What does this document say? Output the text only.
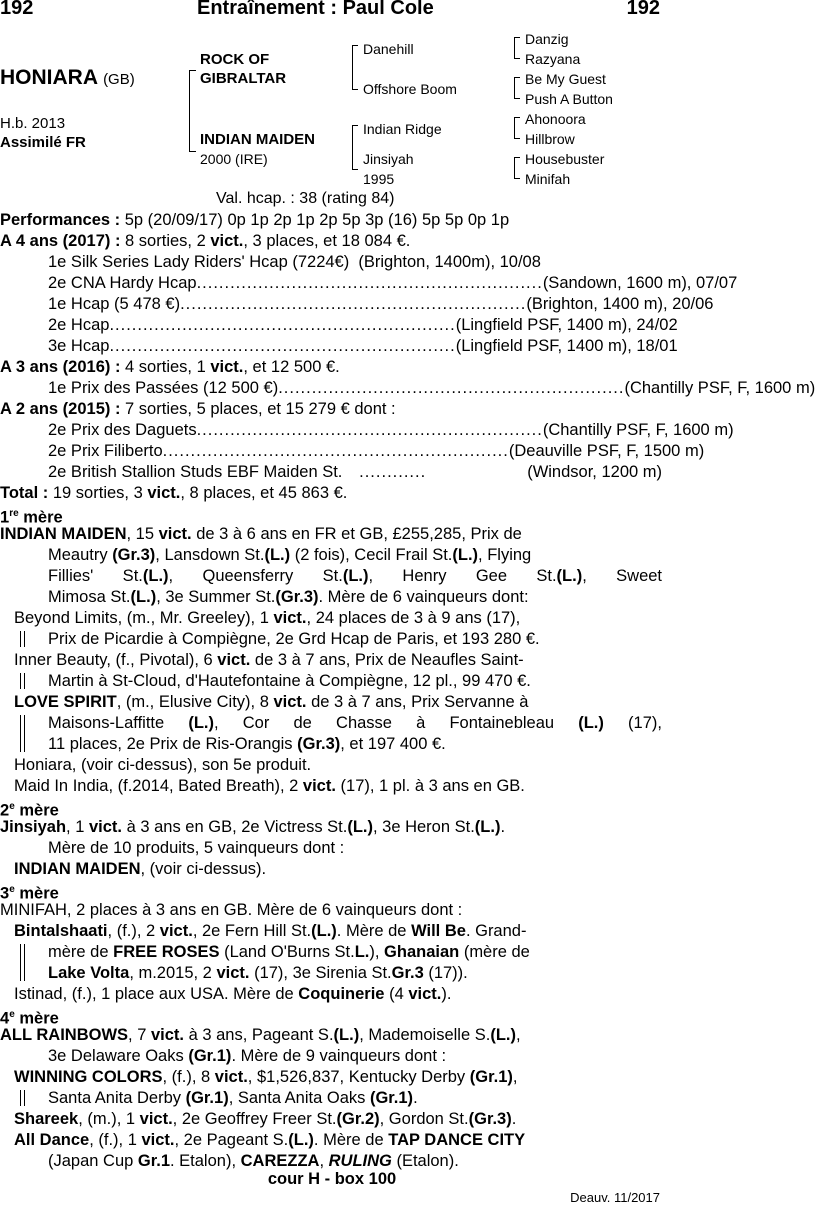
192	Entraînement : Paul Cole	192
HONIARA (GB)
H.b. 2013
Assimilé FR
ROCK OF
GIBRALTAR
INDIAN MAIDEN
2000 (IRE)
Danehill
Offshore Boom
Indian Ridge
Jinsiyah
1995
Danzig
Razyana
Be My Guest
Push A Button
Ahonoora
Hillbrow
Housebuster
Minifah
Val. hcap. : 38 (rating 84)
Performances : 5p (20/09/17) 0p 1p 2p 1p 2p 5p 3p (16) 5p 5p 0p 1p
A 4 ans (2017) : 8 sorties, 2 vict., 3 places, et 18 084 €.
1e Silk Series Lady Riders' Hcap (7224€) (Brighton, 1400m), 10/08
2e CNA Hardy Hcap .............................................................. (Sandown, 1600 m), 07/07
1e Hcap (5 478 €) .............................................................. (Brighton, 1400 m), 20/06
2e Hcap .............................................................. (Lingfield PSF, 1400 m), 24/02
3e Hcap .............................................................. (Lingfield PSF, 1400 m), 18/01
A 3 ans (2016) : 4 sorties, 1 vict., et 12 500 €.
1e Prix des Passées (12 500 €) .............................................................. (Chantilly PSF, F, 1600 m)
A 2 ans (2015) : 7 sorties, 5 places, et 15 279 € dont :
2e Prix des Daguets .............................................................. (Chantilly PSF, F, 1600 m)
2e Prix Filiberto .............................................................. (Deauville PSF, F, 1500 m)
2e British Stallion Studs EBF Maiden St. ............	(Windsor, 1200 m)
Total : 19 sorties, 3 vict., 8 places, et 45 863 €.
1re mère
INDIAN MAIDEN, 15 vict. de 3 à 6 ans en FR et GB, £255,285, Prix de
Meautry (Gr.3), Lansdown St.(L.) (2 fois), Cecil Frail St.(L.), Flying
Fillies' St.(L.), Queensferry St.(L.), Henry Gee St.(L.), Sweet
Mimosa St.(L.), 3e Summer St.(Gr.3). Mère de 6 vainqueurs dont:
Beyond Limits, (m., Mr. Greeley), 1 vict., 24 places de 3 à 9 ans (17),
Prix de Picardie à Compiègne, 2e Grd Hcap de Paris, et 193 280 €.
Inner Beauty, (f., Pivotal), 6 vict. de 3 à 7 ans, Prix de Neaufles Saint-
Martin à St-Cloud, d'Hautefontaine à Compiègne, 12 pl., 99 470 €.
LOVE SPIRIT, (m., Elusive City), 8 vict. de 3 à 7 ans, Prix Servanne à
Maisons-Laffitte (L.), Cor de Chasse à Fontainebleau (L.) (17),
11 places, 2e Prix de Ris-Orangis (Gr.3), et 197 400 €.
Honiara, (voir ci-dessus), son 5e produit.
Maid In India, (f.2014, Bated Breath), 2 vict. (17), 1 pl. à 3 ans en GB.
2e mère
Jinsiyah, 1 vict. à 3 ans en GB, 2e Victress St.(L.), 3e Heron St.(L.).
Mère de 10 produits, 5 vainqueurs dont :
INDIAN MAIDEN, (voir ci-dessus).
3e mère
MINIFAH, 2 places à 3 ans en GB. Mère de 6 vainqueurs dont :
Bintalshaati, (f.), 2 vict., 2e Fern Hill St.(L.). Mère de Will Be. Grand-
mère de FREE ROSES (Land O'Burns St.L.), Ghanaian (mère de
Lake Volta, m.2015, 2 vict. (17), 3e Sirenia St.Gr.3 (17)).
Istinad, (f.), 1 place aux USA. Mère de Coquinerie (4 vict.).
4e mère
ALL RAINBOWS, 7 vict. à 3 ans, Pageant S.(L.), Mademoiselle S.(L.),
3e Delaware Oaks (Gr.1). Mère de 9 vainqueurs dont :
WINNING COLORS, (f.), 8 vict., $1,526,837, Kentucky Derby (Gr.1),
Santa Anita Derby (Gr.1), Santa Anita Oaks (Gr.1).
Shareek, (m.), 1 vict., 2e Geoffrey Freer St.(Gr.2), Gordon St.(Gr.3).
All Dance, (f.), 1 vict., 2e Pageant S.(L.). Mère de TAP DANCE CITY
(Japan Cup Gr.1. Etalon), CAREZZA, RULING (Etalon).
cour H - box 100
Deauv. 11/2017
